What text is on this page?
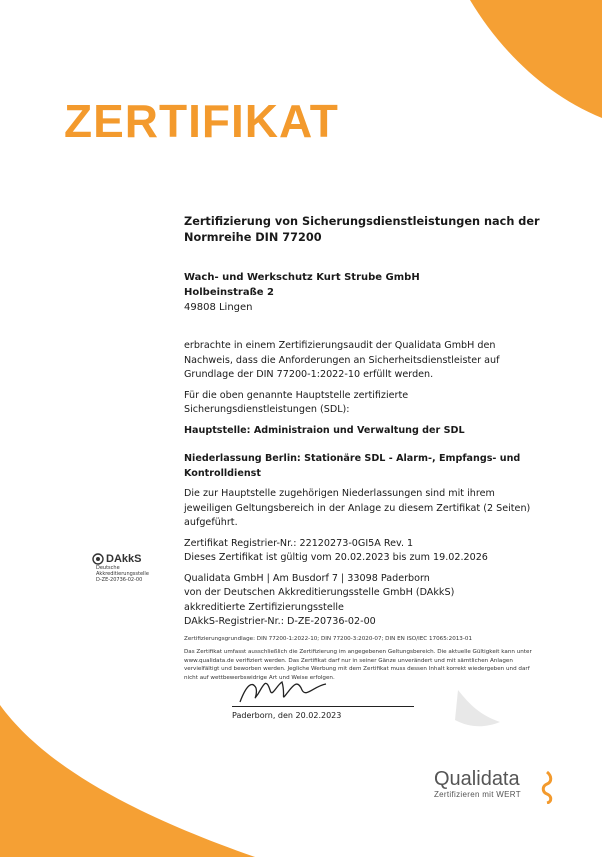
ZERTIFIKAT
Zertifizierung von Sicherungsdienstleistungen nach der Normreihe DIN 77200
Wach- und Werkschutz Kurt Strube GmbH
Holbeinstraße 2
49808 Lingen

erbrachte in einem Zertifizierungsaudit der Qualidata GmbH den Nachweis, dass die Anforderungen an Sicherheitsdienstleister auf Grundlage der DIN 77200-1:2022-10 erfüllt werden.

Für die oben genannte Hauptstelle zertifizierte Sicherungsdienstleistungen (SDL):

Hauptstelle: Administraion und Verwaltung der SDL

Niederlassung Berlin: Stationäre SDL - Alarm-, Empfangs- und Kontrolldienst

Die zur Hauptstelle zugehörigen Niederlassungen sind mit ihrem jeweiligen Geltungsbereich in der Anlage zu diesem Zertifikat (2 Seiten) aufgeführt.

Zertifikat Registrier-Nr.: 22120273-0GI5A Rev. 1

Dieses Zertifikat ist gültig vom 20.02.2023 bis zum 19.02.2026

Qualidata GmbH | Am Busdorf 7 | 33098 Paderborn

von der Deutschen Akkreditierungsstelle GmbH (DAkkS)

akkreditierte Zertifizierungsstelle

DAkkS-Registrier-Nr.: D-ZE-20736-02-00

Zertifizierungsgrundlage: DIN 77200-1:2022-10; DIN 77200-3:2020-07; DIN EN ISO/IEC 17065:2013-01

Das Zertifikat umfasst ausschließlich die Zertifizierung im angegebenen Geltungsbereich. Die aktuelle Gültigkeit kann unter www.qualidata.de verifiziert werden. Das Zertifikat darf nur in seiner Gänze unverändert und mit sämtlichen Anlagen vervielfältigt und beworben werden. Jegliche Werbung mit dem Zertifikat muss dessen Inhalt korrekt wiedergeben und darf nicht auf wettbewerbswidrige Art und Weise erfolgen.

DAkkS
Deutsche
Akkreditierungsstelle
D-ZE-20736-02-00
Paderborn, den 20.02.2023
Qualidata
Zertifizieren mit WERT
